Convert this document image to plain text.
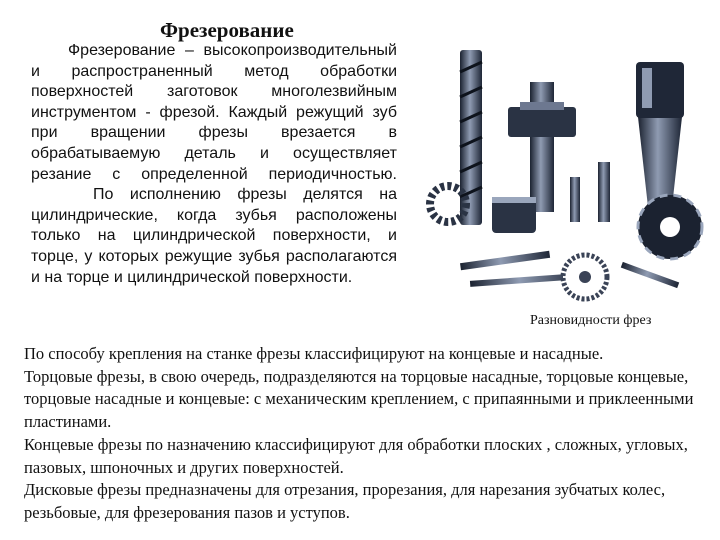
Фрезерование

Фрезерование – высокопроизводительный и распространенный метод обработки поверхностей заготовок многолезвийным инструментом - фрезой. Каждый режущий зуб при вращении фрезы врезается в обрабатываемую деталь и осуществляет резание с определенной периодичностью.

По исполнению фрезы делятся на цилиндрические, когда зубья расположены только на цилиндрической поверхности, и торце, у которых режущие зубья располагаются и на торце и цилиндрической поверхности.

Разновидности фрез

По способу крепления на станке фрезы классифицируют на концевые и насадные.

Торцовые фрезы, в свою очередь, подразделяются на торцовые насадные, торцовые концевые, торцовые насадные и концевые: с механическим креплением, с припаянными и приклеенными пластинами.

Концевые фрезы по назначению классифицируют для обработки плоских , сложных, угловых, пазовых, шпоночных и других поверхностей.

Дисковые фрезы предназначены для отрезания, прорезания, для нарезания зубчатых колес, резьбовые, для фрезерования пазов и уступов.
